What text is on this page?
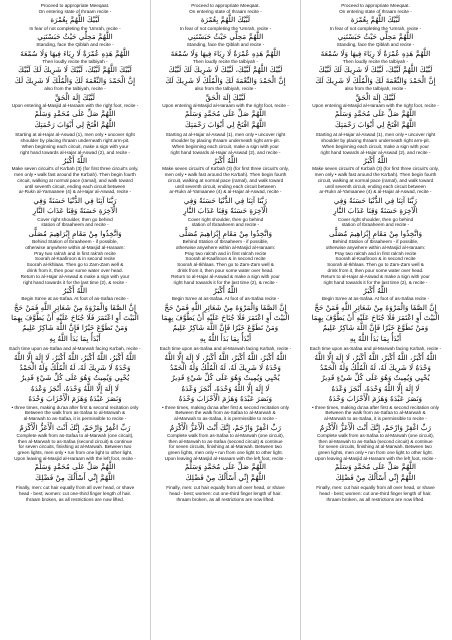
Proceed to appropriate Meeqaat.

On entering state of Ihraam recite -

لَبَّيْكَ اللَّهُمَّ بِعُمْرَة

In fear of not completing the 'Umrah, recite -

اللَّهُمَّ مَحِلِّي حَيْثُ حَبَسْتَنِي

Standing, face the Qiblah and recite -

اللَّهُمَّ هَذِهِ عُمْرَةٌ لَا رِيَاءَ فِيهَا وَلَا سُمْعَةَ

Then loudly recite the talbiyah -

لَبَّيْكَ اللَّهُمَّ لَبَّيْكَ، لَبَّيْكَ لَا شَرِيكَ لَكَ لَبَّيْكَ

إِنَّ الْحَمْدَ وَالنِّعْمَةَ لَكَ وَالْمُلْكَ لَا شَرِيكَ لَكَ

also from the talbiyah, recite -

لَبَّيْكَ إِلَهَ الْحَقِّ

Upon entering al-Masjid al-Haraam with the right foot, recite -

اللَّهُمَّ صَلِّ عَلَى مُحَمَّدٍ وَسَلِّمْ

اللَّهُمَّ افْتَحْ لِي أَبْوَابَ رَحْمَتِكَ

Starting at al-Hajar al-Aswad (1), men only • uncover right

shoulder by placing Ihraam underneath right arm-pit.

When beginning each circuit, make a sign with your

right hand towards al-Hajar al-Aswad (2), and recite -

اللَّهُ أَكْبَرُ

Make seven circuit's of Ka'bah (3) (for first three circuit's only,

men only • walk fast around the Ka'bah). Then begin fourth

circuit, walking at normal pace (ramal), and walk toward

until seventh circuit, ending each circuit between

ar-Rukn al-Yamaanee (4) & al-Hajar al-Aswad, recite -

رَبَّنَا آتِنَا فِي الدُّنْيَا حَسَنَةً وَفِي

الْآخِرَةِ حَسَنَةً وَقِنَا عَذَابَ النَّارِ

Cover right shoulder, then go behind

station of Ibraaheem and recite -

وَاتَّخِذُوا مِنْ مَقَامِ إِبْرَاهِيمَ مُصَلًّى

Behind Station of Ibraaheem - if possible,

otherwise anywhere within al-Masjid al-Haraam:

Pray two rak'ah and in first rak'ah recite

Soorah al-Kaafiroon & in second recite

Soorah al-Ikhlaas. Then go to Zam-Zam well &

drink from it, then pour some water over head.

Return to al-Hajar al-Aswad & make a sign with your

right hand towards it for the last time (2), & recite -

اللَّهُ أَكْبَرُ

Begin Sa'ee at as-Safaa. At foot of as-Safaa recite -

إِنَّ الصَّفَا وَالْمَرْوَةَ مِنْ شَعَائِرِ اللَّهِ فَمَنْ حَجَّ

الْبَيْتَ أَوِ اعْتَمَرَ فَلَا جُنَاحَ عَلَيْهِ أَنْ يَطَّوَّفَ بِهِمَا

وَمَنْ تَطَوَّعَ خَيْرًا فَإِنَّ اللَّهَ شَاكِرٌ عَلِيمٌ

أَبْدَأُ بِمَا بَدَأَ اللَّهُ بِهِ

Each time upon as-Safaa and al-Marwah facing Ka'bah, recite -

اللَّهُ أَكْبَرُ، اللَّهُ أَكْبَرُ، اللَّهُ أَكْبَرُ، لَا إِلَهَ إِلَّا اللَّهُ

وَحْدَهُ لَا شَرِيكَ لَهُ، لَهُ الْمُلْكُ وَلَهُ الْحَمْدُ

يُحْيِي وَيُمِيتُ وَهُوَ عَلَى كُلِّ شَيْءٍ قَدِيرٌ

لَا إِلَهَ إِلَّا اللَّهُ وَحْدَهُ، أَنْجَزَ وَعْدَهُ

وَنَصَرَ عَبْدَهُ وَهَزَمَ الْأَحْزَابَ وَحْدَهُ

• three times, making du'aa after first & second recitation only

Between the walk from as-Safaa to al-Marwah &

al-Marwah to as-Safaa, it is permissible to recite -

رَبِّ اغْفِرْ وَارْحَمْ، إِنَّكَ أَنْتَ الْأَعَزُّ الْأَكْرَمُ

Complete walk from as-Safaa to al-Marwah (one circuit),

then al-Marwah to as-Safaa (second circuit) & continue

for seven circuits, finishing at al-Marwah. Between two

green lights, men only • run from one light to other light.

Upon leaving al-Masjid al-Haraam with the left foot, recite -

اللَّهُمَّ صَلِّ عَلَى مُحَمَّدٍ وَسَلِّمْ

اللَّهُمَّ إِنِّي أَسْأَلُكَ مِنْ فَضْلِكَ

Finally, men: cut hair equally from all over head, or shave

head - best; women: cut one-third finger length of hair.

Ihraam broken, as all restrictions are now lifted.

Proceed to appropriate Meeqaat.

On entering state of Ihraam recite -

لَبَّيْكَ اللَّهُمَّ بِعُمْرَة

In fear of not completing the 'Umrah, recite -

اللَّهُمَّ مَحِلِّي حَيْثُ حَبَسْتَنِي

Standing, face the Qiblah and recite -

اللَّهُمَّ هَذِهِ عُمْرَةٌ لَا رِيَاءَ فِيهَا وَلَا سُمْعَةَ

Then loudly recite the talbiyah -

لَبَّيْكَ اللَّهُمَّ لَبَّيْكَ، لَبَّيْكَ لَا شَرِيكَ لَكَ لَبَّيْكَ

إِنَّ الْحَمْدَ وَالنِّعْمَةَ لَكَ وَالْمُلْكَ لَا شَرِيكَ لَكَ

also from the talbiyah, recite -

لَبَّيْكَ إِلَهَ الْحَقِّ

Upon entering al-Masjid al-Haraam with the right foot, recite -

اللَّهُمَّ صَلِّ عَلَى مُحَمَّدٍ وَسَلِّمْ

اللَّهُمَّ افْتَحْ لِي أَبْوَابَ رَحْمَتِكَ

Starting at al-Hajar al-Aswad (1), men only • uncover right

shoulder by placing Ihraam underneath right arm-pit.

When beginning each circuit, make a sign with your

right hand towards al-Hajar al-Aswad (2), and recite -

اللَّهُ أَكْبَرُ

Make seven circuit's of Ka'bah (3) (for first three circuit's only,

men only • walk fast around the Ka'bah). Then begin fourth

circuit, walking at normal pace (ramal), and walk toward

until seventh circuit, ending each circuit between

ar-Rukn al-Yamaanee (4) & al-Hajar al-Aswad, recite -

رَبَّنَا آتِنَا فِي الدُّنْيَا حَسَنَةً وَفِي

الْآخِرَةِ حَسَنَةً وَقِنَا عَذَابَ النَّارِ

Cover right shoulder, then go behind

station of Ibraaheem and recite -

وَاتَّخِذُوا مِنْ مَقَامِ إِبْرَاهِيمَ مُصَلًّى

Behind Station of Ibraaheem - if possible,

otherwise anywhere within al-Masjid al-Haraam:

Pray two rak'ah and in first rak'ah recite

Soorah al-Kaafiroon & in second recite

Soorah al-Ikhlaas. Then go to Zam-Zam well &

drink from it, then pour some water over head.

Return to al-Hajar al-Aswad & make a sign with your

right hand towards it for the last time (2), & recite -

اللَّهُ أَكْبَرُ

Begin Sa'ee at as-Safaa. At foot of as-Safaa recite -

إِنَّ الصَّفَا وَالْمَرْوَةَ مِنْ شَعَائِرِ اللَّهِ فَمَنْ حَجَّ

الْبَيْتَ أَوِ اعْتَمَرَ فَلَا جُنَاحَ عَلَيْهِ أَنْ يَطَّوَّفَ بِهِمَا

وَمَنْ تَطَوَّعَ خَيْرًا فَإِنَّ اللَّهَ شَاكِرٌ عَلِيمٌ

أَبْدَأُ بِمَا بَدَأَ اللَّهُ بِهِ

Each time upon as-Safaa and al-Marwah facing Ka'bah, recite -

اللَّهُ أَكْبَرُ، اللَّهُ أَكْبَرُ، اللَّهُ أَكْبَرُ، لَا إِلَهَ إِلَّا اللَّهُ

وَحْدَهُ لَا شَرِيكَ لَهُ، لَهُ الْمُلْكُ وَلَهُ الْحَمْدُ

يُحْيِي وَيُمِيتُ وَهُوَ عَلَى كُلِّ شَيْءٍ قَدِيرٌ

لَا إِلَهَ إِلَّا اللَّهُ وَحْدَهُ، أَنْجَزَ وَعْدَهُ

وَنَصَرَ عَبْدَهُ وَهَزَمَ الْأَحْزَابَ وَحْدَهُ

• three times, making du'aa after first & second recitation only

Between the walk from as-Safaa to al-Marwah &

al-Marwah to as-Safaa, it is permissible to recite -

رَبِّ اغْفِرْ وَارْحَمْ، إِنَّكَ أَنْتَ الْأَعَزُّ الْأَكْرَمُ

Complete walk from as-Safaa to al-Marwah (one circuit),

then al-Marwah to as-Safaa (second circuit) & continue

for seven circuits, finishing at al-Marwah. Between two

green lights, men only • run from one light to other light.

Upon leaving al-Masjid al-Haraam with the left foot, recite -

اللَّهُمَّ صَلِّ عَلَى مُحَمَّدٍ وَسَلِّمْ

اللَّهُمَّ إِنِّي أَسْأَلُكَ مِنْ فَضْلِكَ

Finally, men: cut hair equally from all over head, or shave

head - best; women: cut one-third finger length of hair.

Ihraam broken, as all restrictions are now lifted.

Proceed to appropriate Meeqaat.

On entering state of Ihraam recite -

لَبَّيْكَ اللَّهُمَّ بِعُمْرَة

In fear of not completing the 'Umrah, recite -

اللَّهُمَّ مَحِلِّي حَيْثُ حَبَسْتَنِي

Standing, face the Qiblah and recite -

اللَّهُمَّ هَذِهِ عُمْرَةٌ لَا رِيَاءَ فِيهَا وَلَا سُمْعَةَ

Then loudly recite the talbiyah -

لَبَّيْكَ اللَّهُمَّ لَبَّيْكَ، لَبَّيْكَ لَا شَرِيكَ لَكَ لَبَّيْكَ

إِنَّ الْحَمْدَ وَالنِّعْمَةَ لَكَ وَالْمُلْكَ لَا شَرِيكَ لَكَ

also from the talbiyah, recite -

لَبَّيْكَ إِلَهَ الْحَقِّ

Upon entering al-Masjid al-Haraam with the right foot, recite -

اللَّهُمَّ صَلِّ عَلَى مُحَمَّدٍ وَسَلِّمْ

اللَّهُمَّ افْتَحْ لِي أَبْوَابَ رَحْمَتِكَ

Starting at al-Hajar al-Aswad (1), men only • uncover right

shoulder by placing Ihraam underneath right arm-pit.

When beginning each circuit, make a sign with your

right hand towards al-Hajar al-Aswad (2), and recite -

اللَّهُ أَكْبَرُ

Make seven circuit's of Ka'bah (3) (for first three circuit's only,

men only • walk fast around the Ka'bah). Then begin fourth

circuit, walking at normal pace (ramal), and walk toward

until seventh circuit, ending each circuit between

ar-Rukn al-Yamaanee (4) & al-Hajar al-Aswad, recite -

رَبَّنَا آتِنَا فِي الدُّنْيَا حَسَنَةً وَفِي

الْآخِرَةِ حَسَنَةً وَقِنَا عَذَابَ النَّارِ

Cover right shoulder, then go behind

station of Ibraaheem and recite -

وَاتَّخِذُوا مِنْ مَقَامِ إِبْرَاهِيمَ مُصَلًّى

Behind Station of Ibraaheem - if possible,

otherwise anywhere within al-Masjid al-Haraam:

Pray two rak'ah and in first rak'ah recite

Soorah al-Kaafiroon & in second recite

Soorah al-Ikhlaas. Then go to Zam-Zam well &

drink from it, then pour some water over head.

Return to al-Hajar al-Aswad & make a sign with your

right hand towards it for the last time (2), & recite -

اللَّهُ أَكْبَرُ

Begin Sa'ee at as-Safaa. At foot of as-Safaa recite -

إِنَّ الصَّفَا وَالْمَرْوَةَ مِنْ شَعَائِرِ اللَّهِ فَمَنْ حَجَّ

الْبَيْتَ أَوِ اعْتَمَرَ فَلَا جُنَاحَ عَلَيْهِ أَنْ يَطَّوَّفَ بِهِمَا

وَمَنْ تَطَوَّعَ خَيْرًا فَإِنَّ اللَّهَ شَاكِرٌ عَلِيمٌ

أَبْدَأُ بِمَا بَدَأَ اللَّهُ بِهِ

Each time upon as-Safaa and al-Marwah facing Ka'bah, recite -

اللَّهُ أَكْبَرُ، اللَّهُ أَكْبَرُ، اللَّهُ أَكْبَرُ، لَا إِلَهَ إِلَّا اللَّهُ

وَحْدَهُ لَا شَرِيكَ لَهُ، لَهُ الْمُلْكُ وَلَهُ الْحَمْدُ

يُحْيِي وَيُمِيتُ وَهُوَ عَلَى كُلِّ شَيْءٍ قَدِيرٌ

لَا إِلَهَ إِلَّا اللَّهُ وَحْدَهُ، أَنْجَزَ وَعْدَهُ

وَنَصَرَ عَبْدَهُ وَهَزَمَ الْأَحْزَابَ وَحْدَهُ

• three times, making du'aa after first & second recitation only

Between the walk from as-Safaa to al-Marwah &

al-Marwah to as-Safaa, it is permissible to recite -

رَبِّ اغْفِرْ وَارْحَمْ، إِنَّكَ أَنْتَ الْأَعَزُّ الْأَكْرَمُ

Complete walk from as-Safaa to al-Marwah (one circuit),

then al-Marwah to as-Safaa (second circuit) & continue

for seven circuits, finishing at al-Marwah. Between two

green lights, men only • run from one light to other light.

Upon leaving al-Masjid al-Haraam with the left foot, recite -

اللَّهُمَّ صَلِّ عَلَى مُحَمَّدٍ وَسَلِّمْ

اللَّهُمَّ إِنِّي أَسْأَلُكَ مِنْ فَضْلِكَ

Finally, men: cut hair equally from all over head, or shave

head - best; women: cut one-third finger length of hair.

Ihraam broken, as all restrictions are now lifted.
